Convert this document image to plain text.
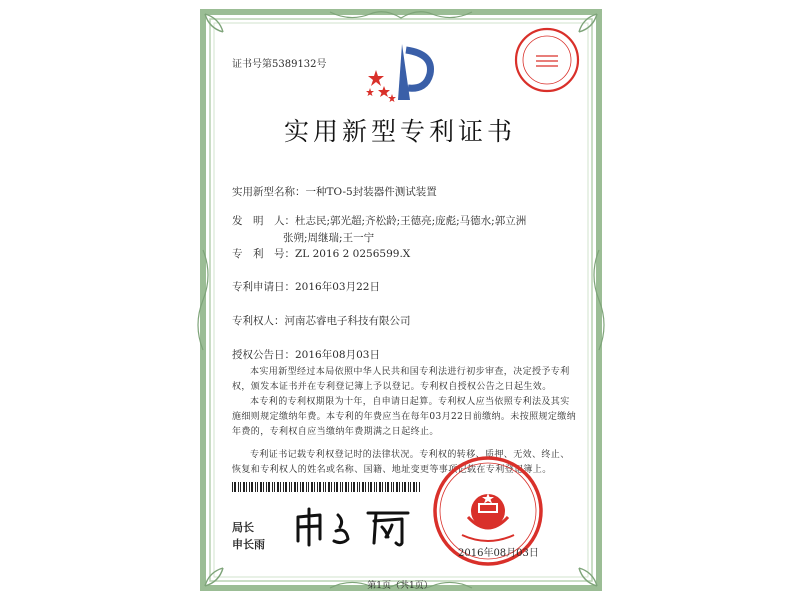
证书号第5389132号
实用新型专利证书
实用新型名称：一种TO-5封装器件测试装置
发　明　人：杜志民;郭光超;齐松龄;王德亮;庞彪;马德水;郭立洲
张朔;周继瑞;王一宁
专　利　号：ZL 2016 2 0256599.X
专利申请日：2016年03月22日
专利权人：河南芯睿电子科技有限公司
授权公告日：2016年08月03日

本实用新型经过本局依照中华人民共和国专利法进行初步审查，决定授予专利权，颁发本证书并在专利登记簿上予以登记。专利权自授权公告之日起生效。

本专利的专利权期限为十年，自申请日起算。专利权人应当依照专利法及其实施细则规定缴纳年费。本专利的年费应当在每年03月22日前缴纳。未按照规定缴纳年费的，专利权自应当缴纳年费期满之日起终止。

专利证书记载专利权登记时的法律状况。专利权的转移、质押、无效、终止、恢复和专利权人的姓名或名称、国籍、地址变更等事项记载在专利登记簿上。

局长
申长雨
2016年08月03日
第1页（共1页）
